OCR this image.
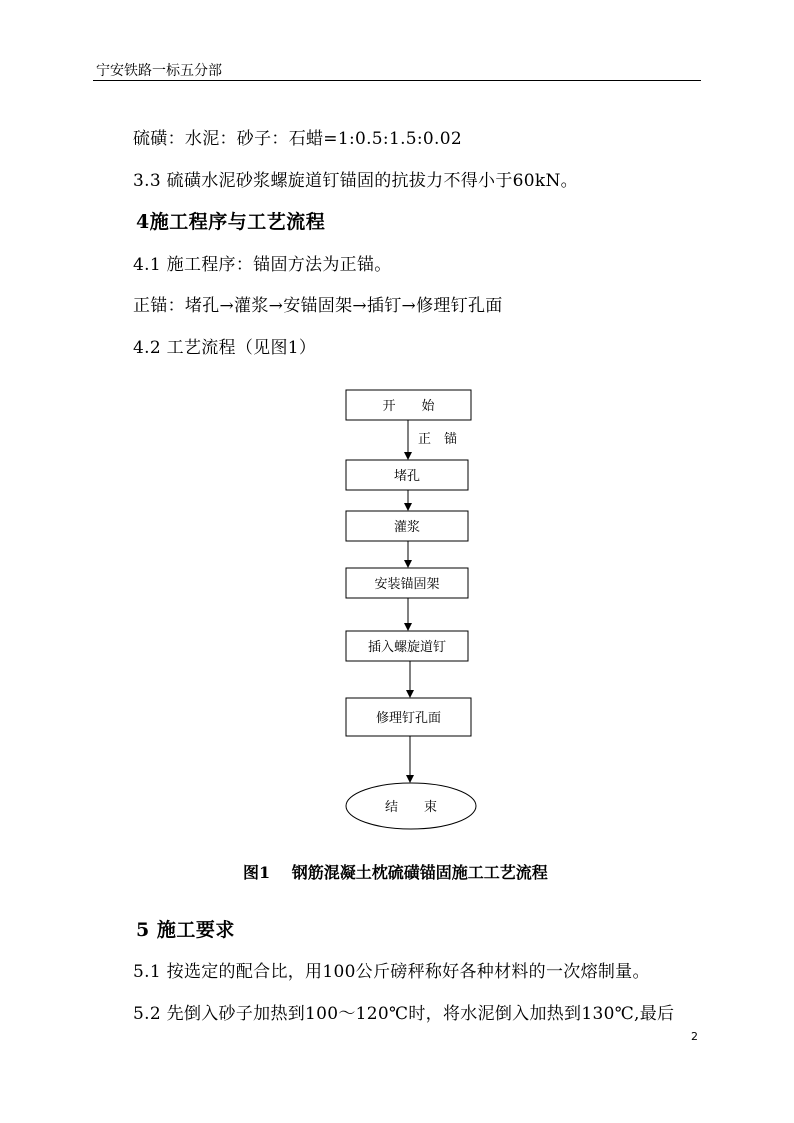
宁安铁路一标五分部
硫磺：水泥：砂子：石蜡=1:0.5:1.5:0.02
3.3 硫磺水泥砂浆螺旋道钉锚固的抗拔力不得小于60kN。
4施工程序与工艺流程
4.1 施工程序：锚固方法为正锚。
正锚：堵孔→灌浆→安锚固架→插钉→修理钉孔面
4.2 工艺流程（见图1）
开　　始
正　锚
堵孔
灌浆
安装锚固架
插入螺旋道钉
修理钉孔面
结　　束
图1　 钢筋混凝土枕硫磺锚固施工工艺流程
5 施工要求
5.1 按选定的配合比，用100公斤磅秤称好各种材料的一次熔制量。
5.2 先倒入砂子加热到100～120℃时，将水泥倒入加热到130℃,最后
2
